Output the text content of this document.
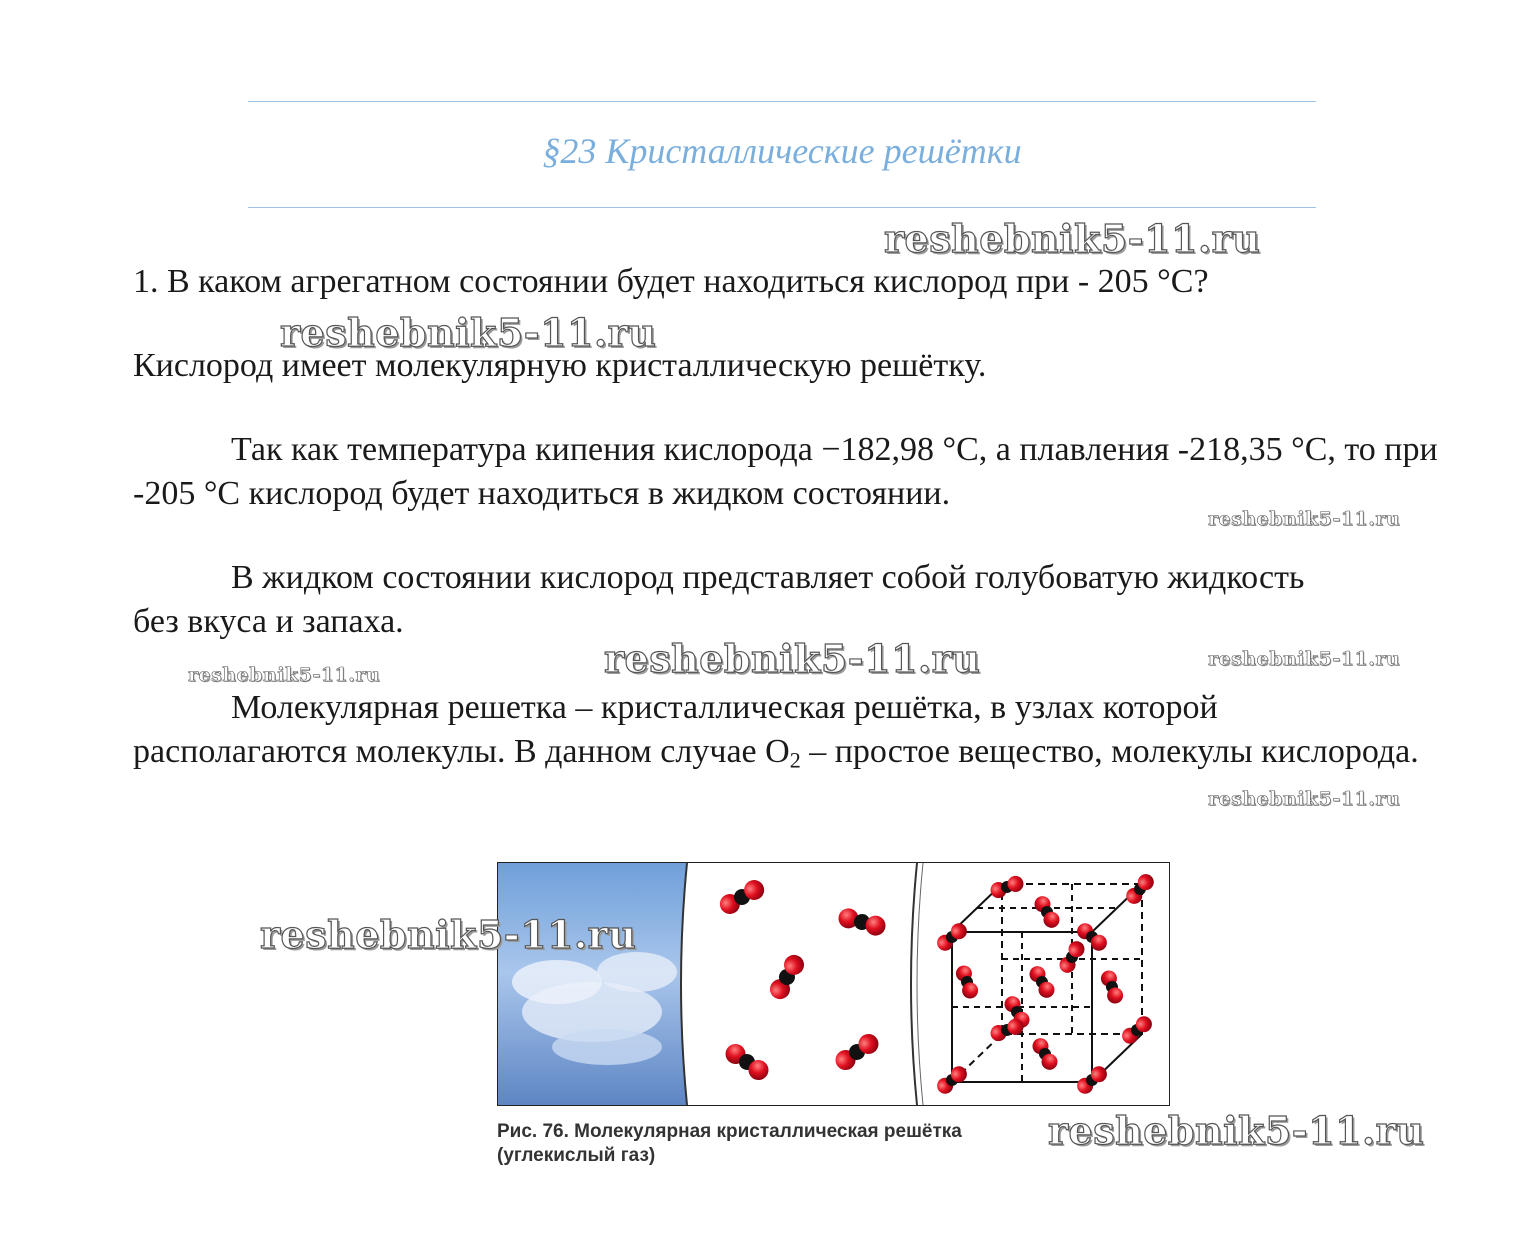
§23 Кристаллические решётки

1. В каком агрегатном состоянии будет находиться кислород при - 205 °С?

Кислород имеет молекулярную кристаллическую решётку.

Так как температура кипения кислорода −182,98 °C, а плавления -218,35 °C, то при -205 °C кислород будет находиться в жидком состоянии.

В жидком состоянии кислород представляет собой голубоватую жидкость без вкуса и запаха.

Молекулярная решетка – кристаллическая решётка, в узлах которой располагаются молекулы. В данном случае $O_2$ – простое вещество, молекулы кислорода.

Рис. 76. Молекулярная кристаллическая решётка
(углекислый газ)
reshebnik5-11.ru
reshebnik5-11.ru
reshebnik5-11.ru
reshebnik5-11.ru
reshebnik5-11.ru
reshebnik5-11.ru
reshebnik5-11.ru
reshebnik5-11.ru
reshebnik5-11.ru
